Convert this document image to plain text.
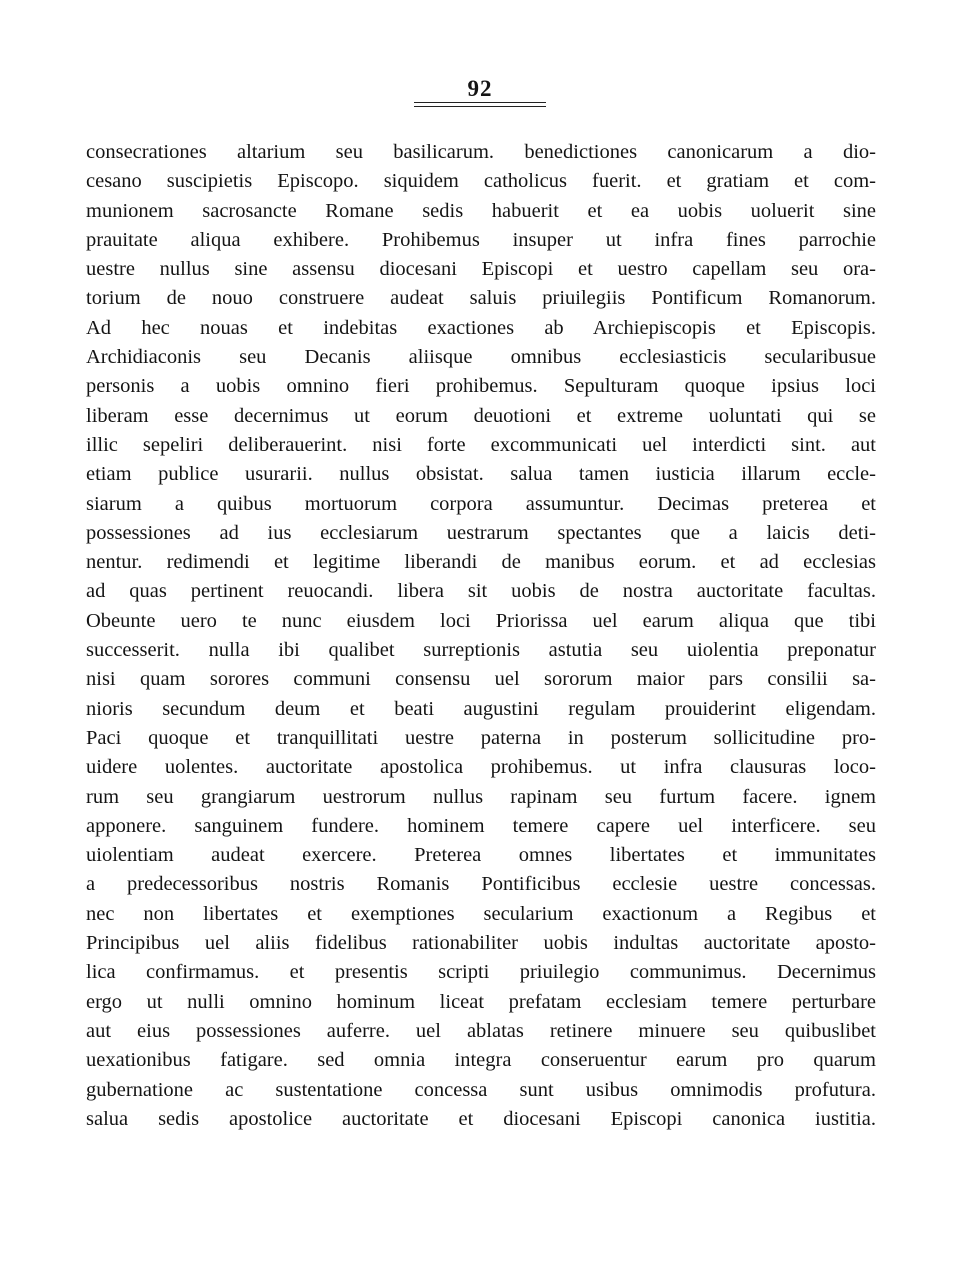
92
consecrationes altarium seu basilicarum. benedictiones canonicarum a dio-
cesano suscipietis Episcopo. siquidem catholicus fuerit. et gratiam et com-
munionem sacrosancte Romane sedis habuerit et ea uobis uoluerit sine
prauitate aliqua exhibere. Prohibemus insuper ut infra fines parrochie
uestre nullus sine assensu diocesani Episcopi et uestro capellam seu ora-
torium de nouo construere audeat saluis priuilegiis Pontificum Romanorum.
Ad hec nouas et indebitas exactiones ab Archiepiscopis et Episcopis.
Archidiaconis seu Decanis aliisque omnibus ecclesiasticis secularibusue
personis a uobis omnino fieri prohibemus. Sepulturam quoque ipsius loci
liberam esse decernimus ut eorum deuotioni et extreme uoluntati qui se
illic sepeliri deliberauerint. nisi forte excommunicati uel interdicti sint. aut
etiam publice usurarii. nullus obsistat. salua tamen iusticia illarum eccle-
siarum a quibus mortuorum corpora assumuntur. Decimas preterea et
possessiones ad ius ecclesiarum uestrarum spectantes que a laicis deti-
nentur. redimendi et legitime liberandi de manibus eorum. et ad ecclesias
ad quas pertinent reuocandi. libera sit uobis de nostra auctoritate facultas.
Obeunte uero te nunc eiusdem loci Priorissa uel earum aliqua que tibi
successerit. nulla ibi qualibet surreptionis astutia seu uiolentia preponatur
nisi quam sorores communi consensu uel sororum maior pars consilii sa-
nioris secundum deum et beati augustini regulam prouiderint eligendam.
Paci quoque et tranquillitati uestre paterna in posterum sollicitudine pro-
uidere uolentes. auctoritate apostolica prohibemus. ut infra clausuras loco-
rum seu grangiarum uestrorum nullus rapinam seu furtum facere. ignem
apponere. sanguinem fundere. hominem temere capere uel interficere. seu
uiolentiam audeat exercere. Preterea omnes libertates et immunitates
a predecessoribus nostris Romanis Pontificibus ecclesie uestre concessas.
nec non libertates et exemptiones secularium exactionum a Regibus et
Principibus uel aliis fidelibus rationabiliter uobis indultas auctoritate aposto-
lica confirmamus. et presentis scripti priuilegio communimus. Decernimus
ergo ut nulli omnino hominum liceat prefatam ecclesiam temere perturbare
aut eius possessiones auferre. uel ablatas retinere minuere seu quibuslibet
uexationibus fatigare. sed omnia integra conseruentur earum pro quarum
gubernatione ac sustentatione concessa sunt usibus omnimodis profutura.
salua sedis apostolice auctoritate et diocesani Episcopi canonica iustitia.
